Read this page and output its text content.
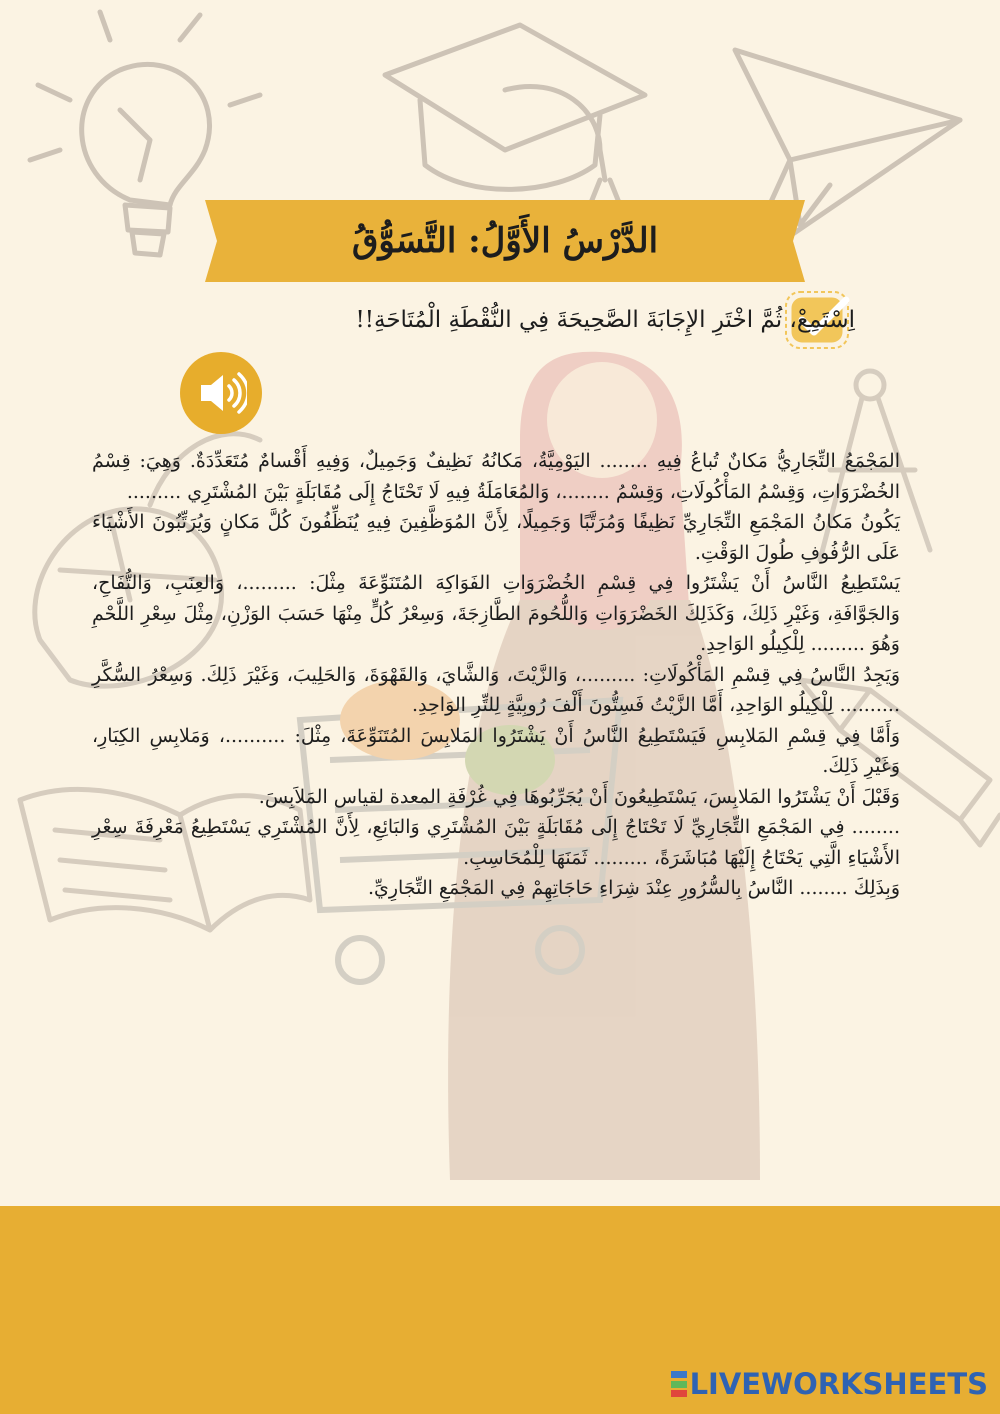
الدَّرْسُ الأَوَّلُ: التَّسَوُّقُ
اِسْتَمِعْ، ثُمَّ اخْتَرِ الإِجَابَةَ الصَّحِيحَةَ فِي النُّقْطَةِ الْمُتَاحَةِ!!

المَجْمَعُ التِّجَارِيُّ مَكانٌ تُباعُ فِيهِ ........ اليَوْمِيَّةُ، مَكانُهُ نَظِيفٌ وَجَمِيلٌ، وَفِيهِ أَقْسامٌ مُتَعَدِّدَةٌ. وَهِيَ: قِسْمُ الخُضْرَوَاتِ، وَقِسْمُ المَأْكُولَاتِ، وَقِسْمُ ........، وَالمُعَامَلَةُ فِيهِ لَا تَحْتَاجُ إِلَى مُقَابَلَةٍ بَيْنَ المُشْتَرِي .........

يَكُونُ مَكانُ المَجْمَعِ التِّجَارِيِّ نَظِيفًا وَمُرَتَّبًا وَجَمِيلًا، لِأَنَّ المُوَظَّفِينَ فِيهِ يُنَظِّفُونَ كُلَّ مَكانٍ وَيُرَتِّبُونَ الأَشْيَاءَ عَلَى الرُّفُوفِ طُولَ الوَقْتِ.

يَسْتَطِيعُ النَّاسُ أَنْ يَشْتَرُوا فِي قِسْمِ الخُضْرَوَاتِ الفَوَاكِهَ المُتَنَوِّعَةَ مِثْلَ: .........، وَالعِنَبِ، وَالتُّفَاحِ، وَالجَوَّافَةِ، وَغَيْرِ ذَلِكَ، وَكَذَلِكَ الخَضْرَوَاتِ وَاللُّحُومَ الطَّازِجَةَ، وَسِعْرُ كُلٍّ مِنْهَا حَسَبَ الوَزْنِ، مِثْلَ سِعْرِ اللَّحْمِ وَهُوَ ......... لِلْكِيلُو الوَاحِدِ.

وَيَجِدُ النَّاسُ فِي قِسْمِ المَأْكُولَاتِ: .........، وَالزَّيْتَ، وَالشَّايَ، وَالقَهْوَةَ، وَالحَلِيبَ، وَغَيْرَ ذَلِكَ. وَسِعْرُ السُّكَّرِ .......... لِلْكِيلُو الوَاحِدِ، أَمَّا الزَّيْتُ فَسِتُّونَ أَلْفَ رُوبِيَّةٍ لِلتِّرِ الوَاحِدِ.

وَأَمَّا فِي قِسْمِ المَلابِسِ فَيَسْتَطِيعُ النَّاسُ أَنْ يَشْتَرُوا المَلابِسَ المُتَنَوِّعَةَ، مِثْلَ: ..........، وَمَلابِسِ الكِبَارِ، وَغَيْرِ ذَلِكَ.

وَقَبْلَ أَنْ يَشْتَرُوا المَلابِسَ، يَسْتَطِيعُونَ أَنْ يُجَرِّبُوهَا فِي غُرْفَةِ المعدة لقياس المَلاَبِسَ.

........ فِي المَجْمَعِ التِّجَارِيِّ لَا تَحْتَاجُ إِلَى مُقَابَلَةٍ بَيْنَ المُشْتَرِي وَالبَائِعِ، لِأَنَّ المُشْتَرِي يَسْتَطِيعُ مَعْرِفَةَ سِعْرِ الأَشْيَاءِ الَّتِي يَحْتَاجُ إِلَيْهَا مُبَاشَرَةً، ......... ثَمَنَهَا لِلْمُحَاسِبِ.

وَبِذَلِكَ ........ النَّاسُ بِالسُّرُورِ عِنْدَ شِرَاءِ حَاجَاتِهِمْ فِي المَجْمَعِ التِّجَارِيِّ.

LIVEWORKSHEETS
